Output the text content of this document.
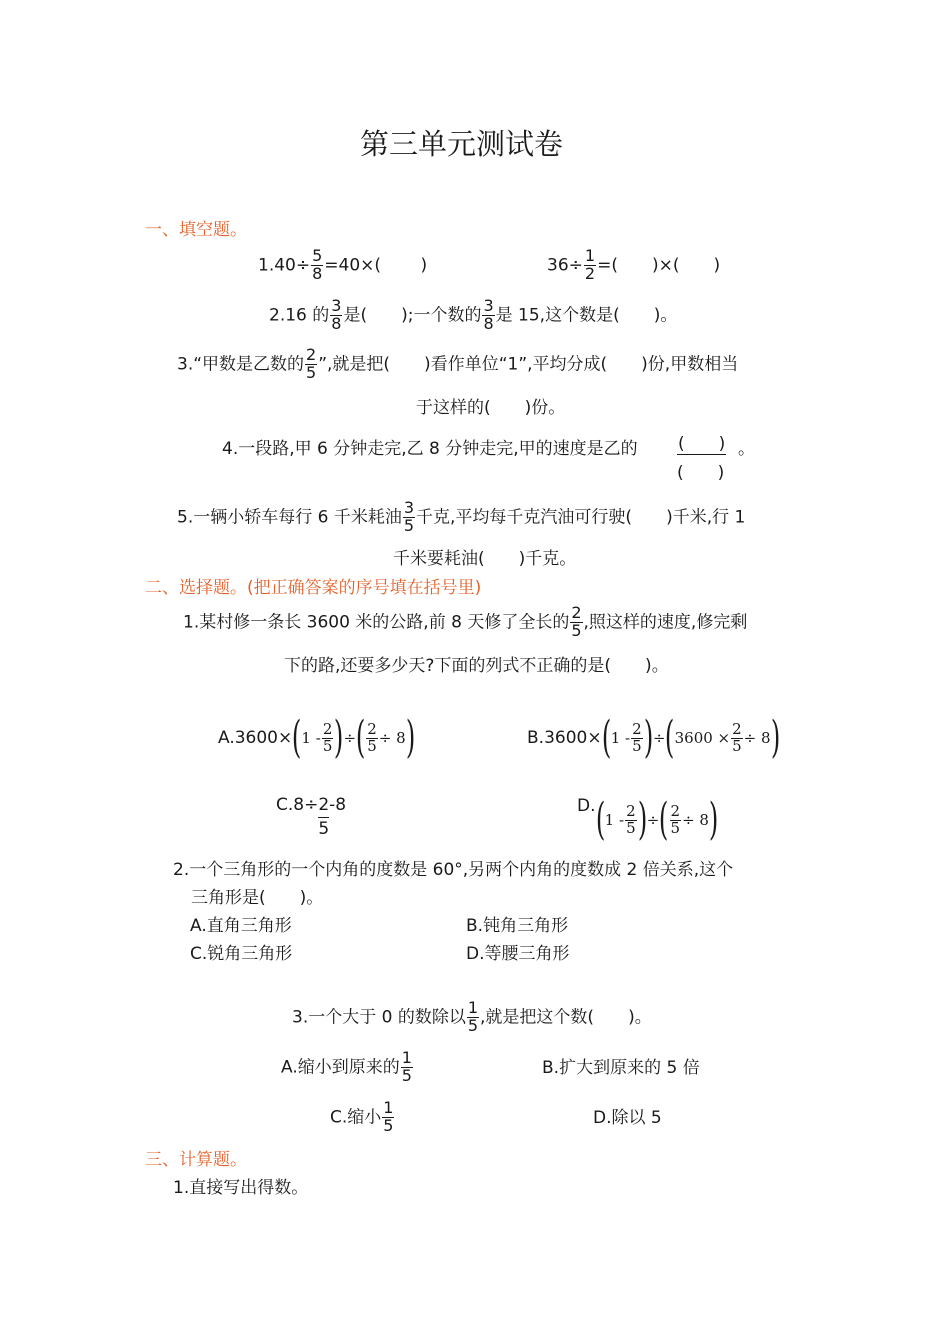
第三单元测试卷
一、填空题。
$1.40\div \frac{5}{8} =40\times$(　　 )	$36\div \frac{1}{2}$ =(　　)×(　　)
2.16 的 $\frac{3}{8}$ 是(　　);一个数的 $\frac{3}{8}$ 是 15,这个数是(　　)。
3.“甲数是乙数的 $\frac{2}{5}$ ”,就是把(　　)看作单位“1”,平均分成(　　)份,甲数相当
于这样的(　　)份。
4.一段路,甲 6 分钟走完,乙 8 分钟走完,甲的速度是乙的 (　　)
(　　)
。
5.一辆小轿车每行 6 千米耗油 $\frac{3}{5}$ 千克,平均每千克汽油可行驶(　　)千米,行 1
千米要耗油(　　)千克。
二、选择题。(把正确答案的序号填在括号里)
1.某村修一条长 3600 米的公路,前 8 天修了全长的 $\frac{2}{5}$ ,照这样的速度,修完剩
下的路,还要多少天?下面的列式不正确的是(　　)。
A.3600× ( $1 - \frac{2}{5}$ ) ÷ ( $\frac{2}{5} \div 8$ )	B.3600× ( $1 - \frac{2}{5}$ ) ÷ ( $3600 \times \frac{2}{5} \div 8$ )
$C.8\div \frac{2}{5} -8$	D. ( $1 - \frac{2}{5}$ ) ÷ ( $\frac{2}{5} \div 8$ )
2.一个三角形的一个内角的度数是 60°,另两个内角的度数成 2 倍关系,这个
三角形是(　　)。
A.直角三角形	B.钝角三角形
C.锐角三角形	D.等腰三角形
3.一个大于 0 的数除以 $\frac{1}{5}$ ,就是把这个数(　　)。
A.缩小到原来的 $\frac{1}{5}$	B.扩大到原来的 5 倍
C.缩小 $\frac{1}{5}$	D.除以 5
三、计算题。
1.直接写出得数。
